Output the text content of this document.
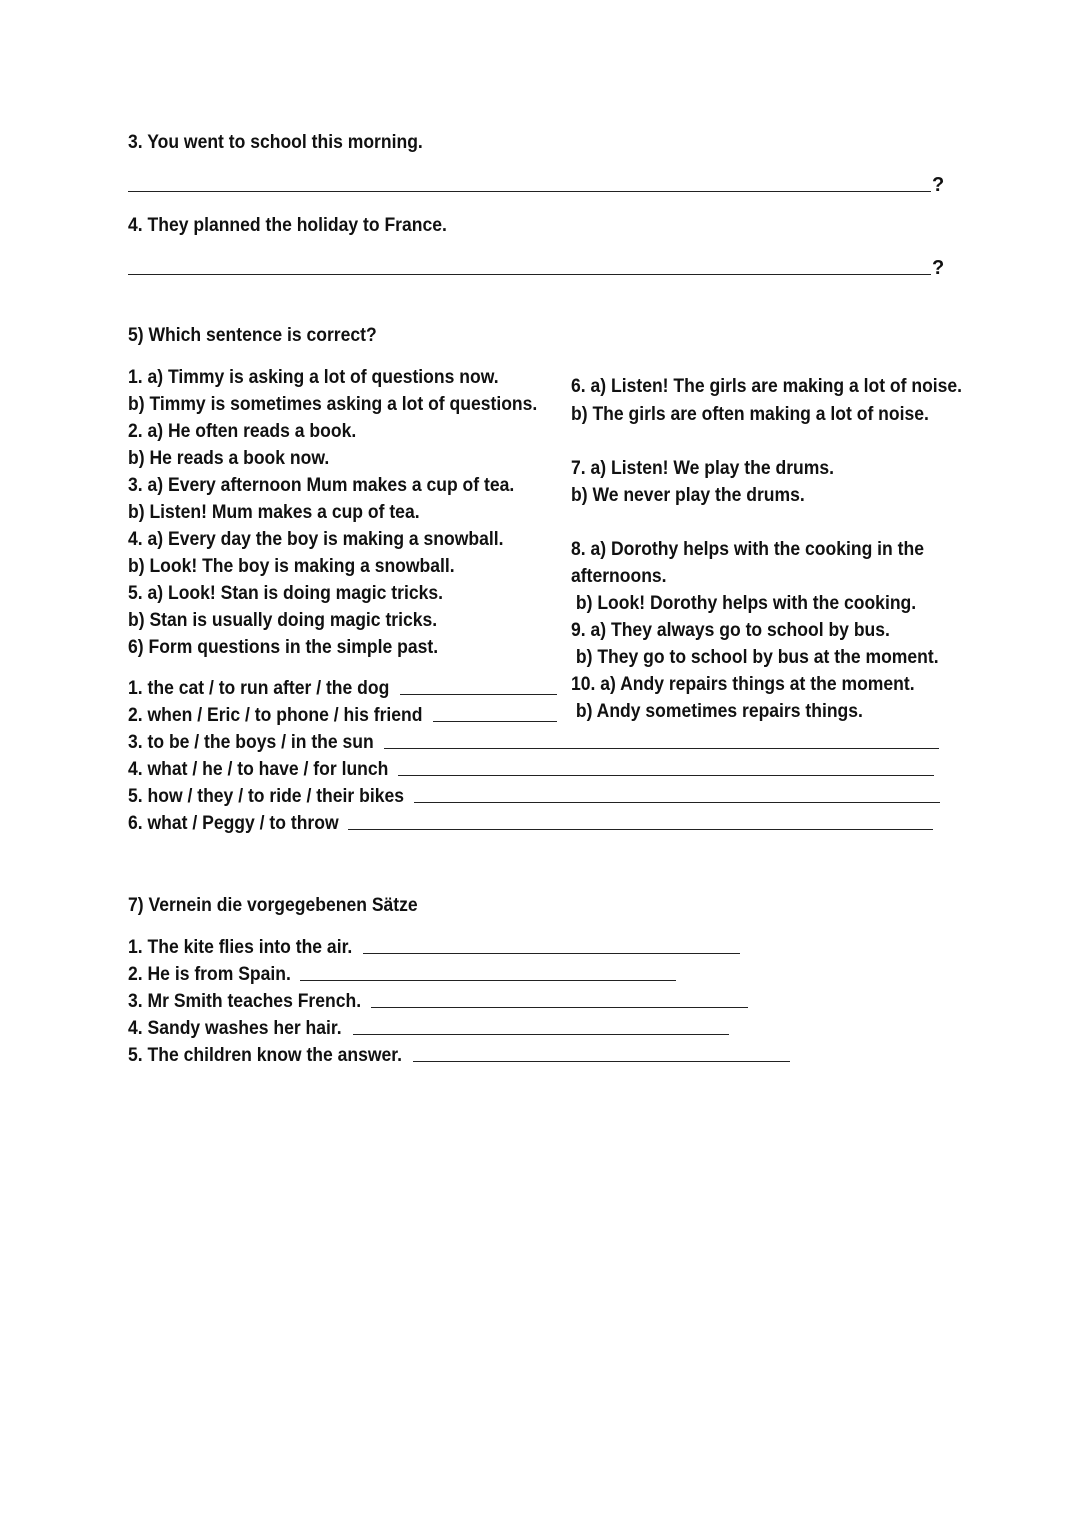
3. You went to school this morning.
?
4. They planned the holiday to France.
?
5) Which sentence is correct?
1. a) Timmy is asking a lot of questions now.
b) Timmy is sometimes asking a lot of questions.
2. a) He often reads a book.
b) He reads a book now.
3. a) Every afternoon Mum makes a cup of tea.
b) Listen! Mum makes a cup of tea.
4. a) Every day the boy is making a snowball.
b) Look! The boy is making a snowball.
5. a) Look! Stan is doing magic tricks.
b) Stan is usually doing magic tricks.
6. a) Listen! The girls are making a lot of noise.
b) The girls are often making a lot of noise.
7. a) Listen! We play the drums.
b) We never play the drums.
8. a) Dorothy helps with the cooking in the
afternoons.
b) Look! Dorothy helps with the cooking.
9. a) They always go to school by bus.
b) They go to school by bus at the moment.
10. a) Andy repairs things at the moment.
b) Andy sometimes repairs things.
6) Form questions in the simple past.
1. the cat / to run after / the dog
2. when / Eric / to phone / his friend
3. to be / the boys / in the sun
4. what / he / to have / for lunch
5. how / they / to ride / their bikes
6. what / Peggy / to throw
7) Vernein die vorgegebenen Sätze
1. The kite flies into the air.
2. He is from Spain.
3. Mr Smith teaches French.
4. Sandy washes her hair.
5. The children know the answer.
